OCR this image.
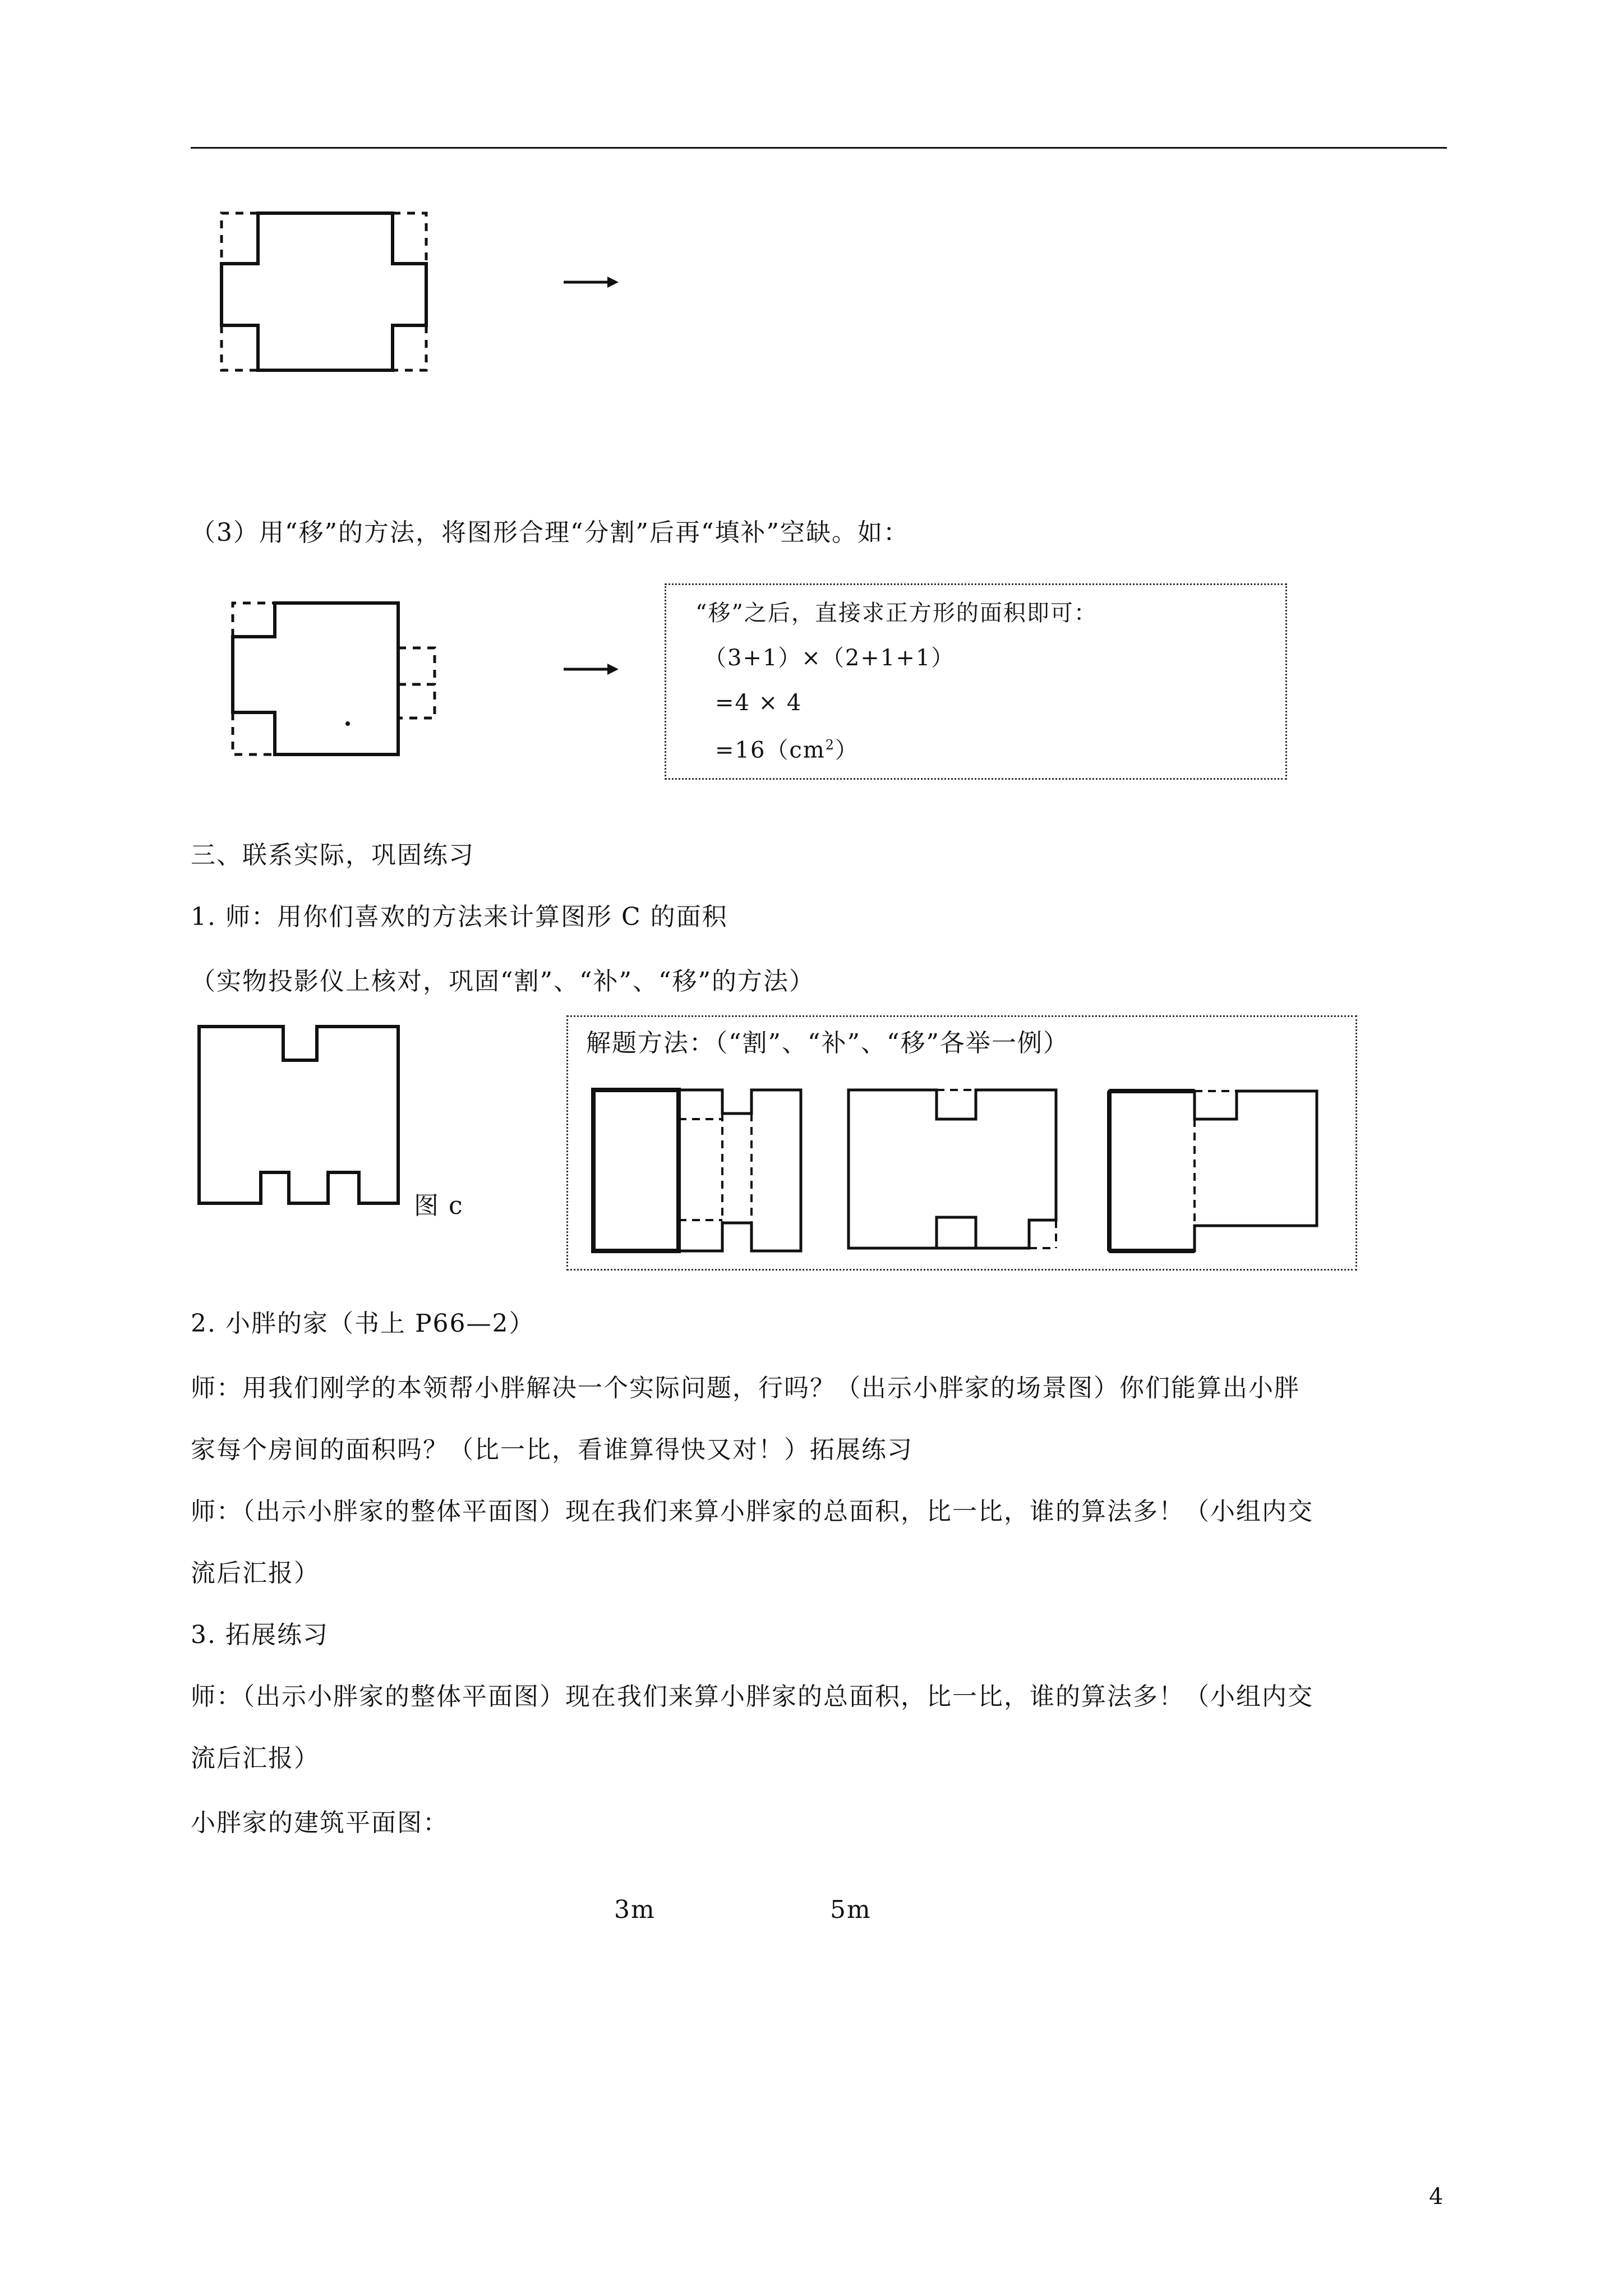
（3）用“移”的方法，将图形合理“分割”后再“填补”空缺。如：
“移”之后，直接求正方形的面积即可：
（3+1）×（2+1+1）
=4 × 4
$=16(cm^2)$
三、联系实际，巩固练习
1. 师：用你们喜欢的方法来计算图形 C 的面积
（实物投影仪上核对，巩固“割”、“补”、“移”的方法）
图 c
解题方法：（“割”、“补”、“移”各举一例）
2. 小胖的家（书上 P66—2）
师：用我们刚学的本领帮小胖解决一个实际问题，行吗？（出示小胖家的场景图）你们能算出小胖
家每个房间的面积吗？（比一比，看谁算得快又对！）拓展练习
师：（出示小胖家的整体平面图）现在我们来算小胖家的总面积，比一比，谁的算法多！（小组内交
流后汇报）
3. 拓展练习
师：（出示小胖家的整体平面图）现在我们来算小胖家的总面积，比一比，谁的算法多！（小组内交
流后汇报）
小胖家的建筑平面图：
3m	5m
4
